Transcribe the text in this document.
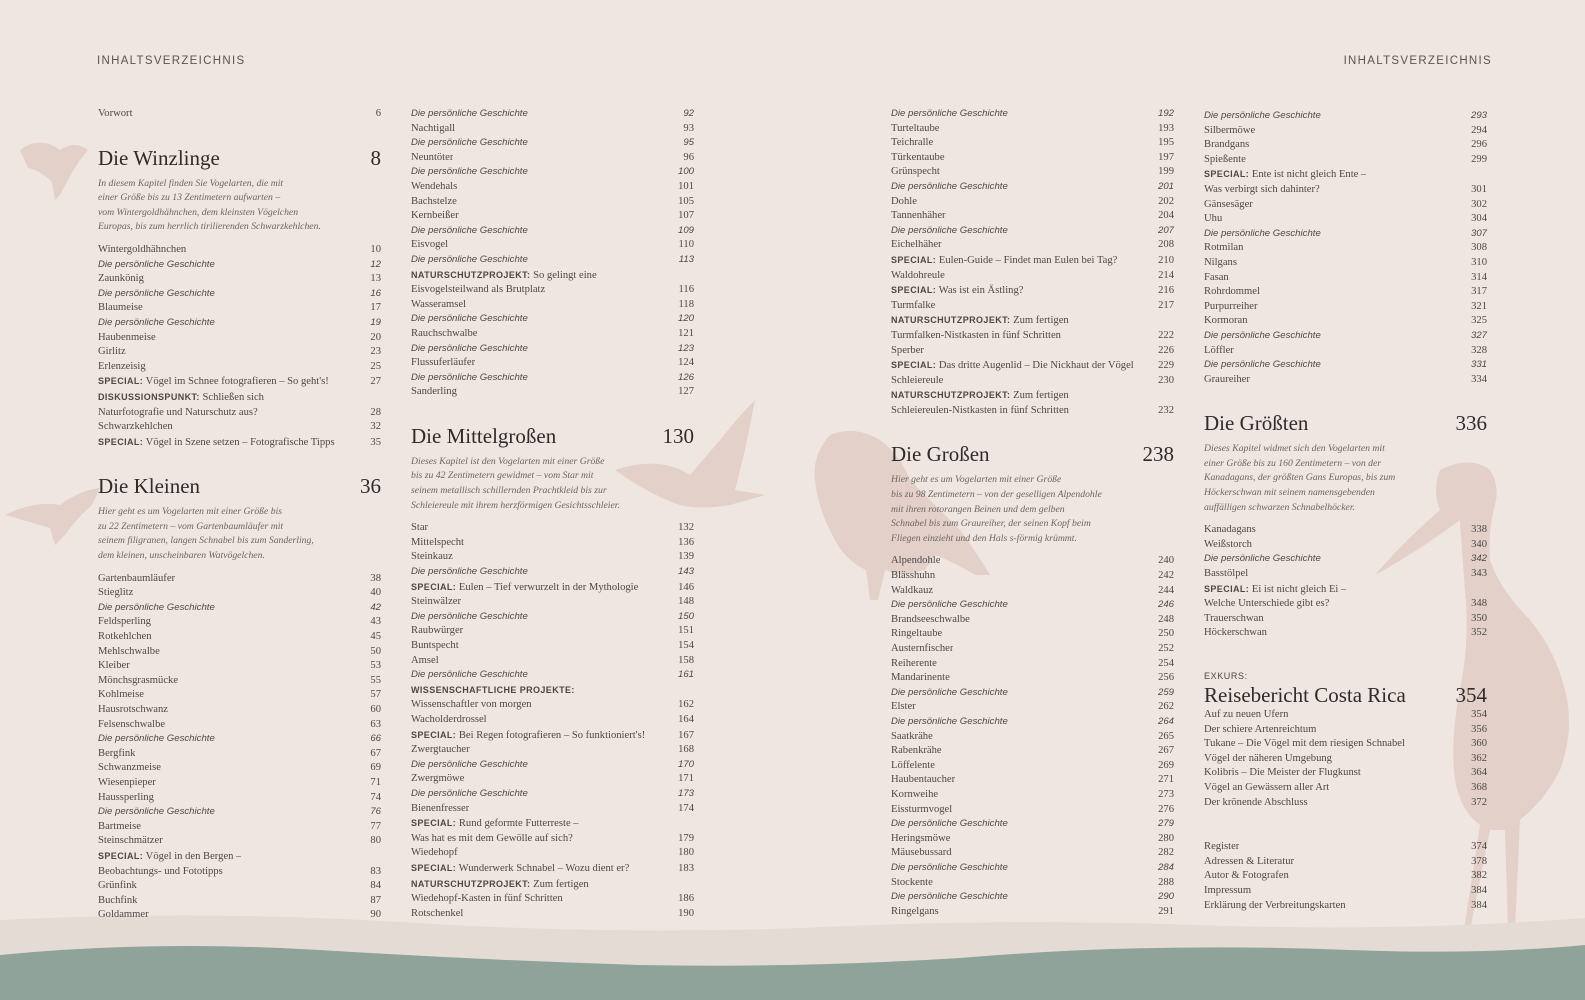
INHALTSVERZEICHNIS	INHALTSVERZEICHNIS
Vorwort	6
Die Winzlinge	8
In diesem Kapitel finden Sie Vogelarten, die mit
einer Größe bis zu 13 Zentimetern aufwarten –
vom Wintergoldhähnchen, dem kleinsten Vögelchen
Europas, bis zum herrlich tirilierenden Schwarzkehlchen.
Wintergoldhähnchen	10
Die persönliche Geschichte	12
Zaunkönig	13
Die persönliche Geschichte	16
Blaumeise	17
Die persönliche Geschichte	19
Haubenmeise	20
Girlitz	23
Erlenzeisig	25
SPECIAL: Vögel im Schnee fotografieren – So geht's!	27
DISKUSSIONSPUNKT: Schließen sich
Naturfotografie und Naturschutz aus?	28
Schwarzkehlchen	32
SPECIAL: Vögel in Szene setzen – Fotografische Tipps	35
Die Kleinen	36
Hier geht es um Vogelarten mit einer Größe bis
zu 22 Zentimetern – vom Gartenbaumläufer mit
seinem filigranen, langen Schnabel bis zum Sanderling,
dem kleinen, unscheinbaren Watvögelchen.
Gartenbaumläufer	38
Stieglitz	40
Die persönliche Geschichte	42
Feldsperling	43
Rotkehlchen	45
Mehlschwalbe	50
Kleiber	53
Mönchsgrasmücke	55
Kohlmeise	57
Hausrotschwanz	60
Felsenschwalbe	63
Die persönliche Geschichte	66
Bergfink	67
Schwanzmeise	69
Wiesenpieper	71
Haussperling	74
Die persönliche Geschichte	76
Bartmeise	77
Steinschmätzer	80
SPECIAL: Vögel in den Bergen –
Beobachtungs- und Fototipps	83
Grünfink	84
Buchfink	87
Goldammer	90
Die persönliche Geschichte	92
Nachtigall	93
Die persönliche Geschichte	95
Neuntöter	96
Die persönliche Geschichte	100
Wendehals	101
Bachstelze	105
Kernbeißer	107
Die persönliche Geschichte	109
Eisvogel	110
Die persönliche Geschichte	113
NATURSCHUTZPROJEKT: So gelingt eine
Eisvogelsteilwand als Brutplatz	116
Wasseramsel	118
Die persönliche Geschichte	120
Rauchschwalbe	121
Die persönliche Geschichte	123
Flussuferläufer	124
Die persönliche Geschichte	126
Sanderling	127
Die Mittelgroßen	130
Dieses Kapitel ist den Vogelarten mit einer Größe
bis zu 42 Zentimetern gewidmet – vom Star mit
seinem metallisch schillernden Prachtkleid bis zur
Schleiereule mit ihrem herzförmigen Gesichtsschleier.
Star	132
Mittelspecht	136
Steinkauz	139
Die persönliche Geschichte	143
SPECIAL: Eulen – Tief verwurzelt in der Mythologie	146
Steinwälzer	148
Die persönliche Geschichte	150
Raubwürger	151
Buntspecht	154
Amsel	158
Die persönliche Geschichte	161
WISSENSCHAFTLICHE PROJEKTE:
Wissenschaftler von morgen	162
Wacholderdrossel	164
SPECIAL: Bei Regen fotografieren – So funktioniert's!	167
Zwergtaucher	168
Die persönliche Geschichte	170
Zwergmöwe	171
Die persönliche Geschichte	173
Bienenfresser	174
SPECIAL: Rund geformte Futterreste –
Was hat es mit dem Gewölle auf sich?	179
Wiedehopf	180
SPECIAL: Wunderwerk Schnabel – Wozu dient er?	183
NATURSCHUTZPROJEKT: Zum fertigen
Wiedehopf-Kasten in fünf Schritten	186
Rotschenkel	190
Die persönliche Geschichte	192
Turteltaube	193
Teichralle	195
Türkentaube	197
Grünspecht	199
Die persönliche Geschichte	201
Dohle	202
Tannenhäher	204
Die persönliche Geschichte	207
Eichelhäher	208
SPECIAL: Eulen-Guide – Findet man Eulen bei Tag?	210
Waldohreule	214
SPECIAL: Was ist ein Ästling?	216
Turmfalke	217
NATURSCHUTZPROJEKT: Zum fertigen
Turmfalken-Nistkasten in fünf Schritten	222
Sperber	226
SPECIAL: Das dritte Augenlid – Die Nickhaut der Vögel 229
Schleiereule	230
NATURSCHUTZPROJEKT: Zum fertigen
Schleiereulen-Nistkasten in fünf Schritten	232
Die Großen	238
Hier geht es um Vogelarten mit einer Größe
bis zu 98 Zentimetern – von der geselligen Alpendohle
mit ihren rotorangen Beinen und dem gelben
Schnabel bis zum Graureiher, der seinen Kopf beim
Fliegen einzieht und den Hals s-förmig krümmt.
Alpendohle	240
Blässhuhn	242
Waldkauz	244
Die persönliche Geschichte	246
Brandseeschwalbe	248
Ringeltaube	250
Austernfischer	252
Reiherente	254
Mandarinente	256
Die persönliche Geschichte	259
Elster	262
Die persönliche Geschichte	264
Saatkrähe	265
Rabenkrähe	267
Löffelente	269
Haubentaucher	271
Kornweihe	273
Eissturmvogel	276
Die persönliche Geschichte	279
Heringsmöwe	280
Mäusebussard	282
Die persönliche Geschichte	284
Stockente	288
Die persönliche Geschichte	290
Ringelgans	291
Die persönliche Geschichte	293
Silbermöwe	294
Brandgans	296
Spießente	299
SPECIAL: Ente ist nicht gleich Ente –
Was verbirgt sich dahinter?	301
Gänsesäger	302
Uhu	304
Die persönliche Geschichte	307
Rotmilan	308
Nilgans	310
Fasan	314
Rohrdommel	317
Purpurreiher	321
Kormoran	325
Die persönliche Geschichte	327
Löffler	328
Die persönliche Geschichte	331
Graureiher	334
Die Größten	336
Dieses Kapitel widmet sich den Vogelarten mit
einer Größe bis zu 160 Zentimetern – von der
Kanadagans, der größten Gans Europas, bis zum
Höckerschwan mit seinem namensgebenden
auffälligen schwarzen Schnabelhöcker.
Kanadagans	338
Weißstorch	340
Die persönliche Geschichte	342
Basstölpel	343
SPECIAL: Ei ist nicht gleich Ei –
Welche Unterschiede gibt es?	348
Trauerschwan	350
Höckerschwan	352
EXKURS:
Reisebericht Costa Rica 354
Auf zu neuen Ufern	354
Der schiere Artenreichtum	356
Tukane – Die Vögel mit dem riesigen Schnabel	360
Vögel der näheren Umgebung	362
Kolibris – Die Meister der Flugkunst	364
Vögel an Gewässern aller Art	368
Der krönende Abschluss	372
Register	374
Adressen & Literatur	378
Autor & Fotografen	382
Impressum	384
Erklärung der Verbreitungskarten	384
